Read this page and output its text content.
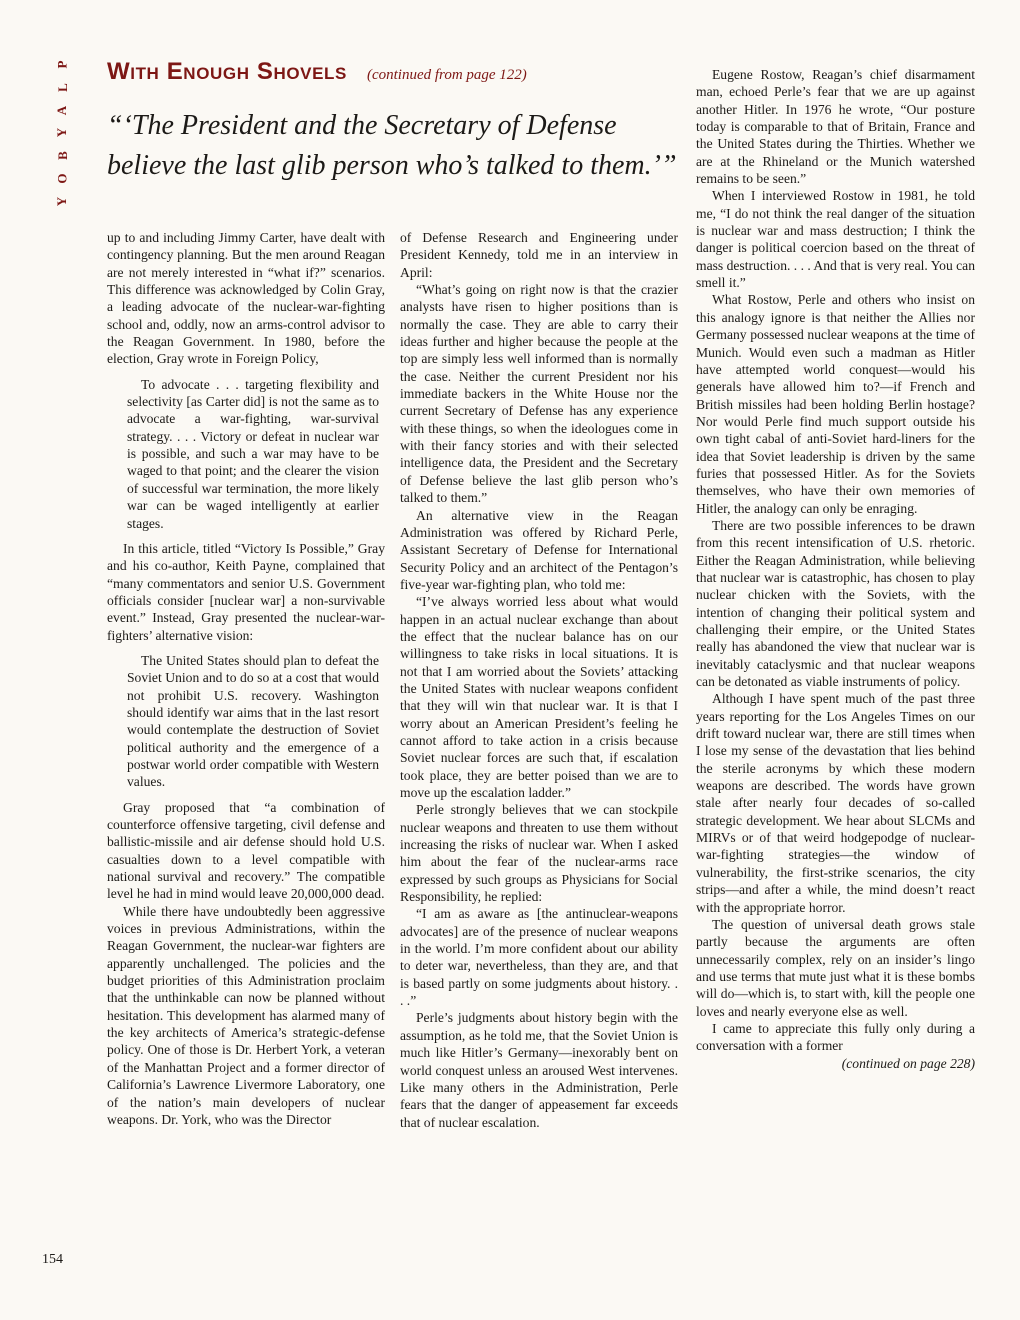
P
L
A
Y
B
O
Y
With Enough Shovels (continued from page 122)
“‘The President and the Secretary of Defense believe the last glib person who’s talked to them.’”

up to and including Jimmy Carter, have dealt with contingency planning. But the men around Reagan are not merely interested in “what if?” scenarios. This difference was acknowledged by Colin Gray, a leading advocate of the nuclear-war-fighting school and, oddly, now an arms-control advisor to the Reagan Government. In 1980, before the election, Gray wrote in Foreign Policy,

To advocate . . . targeting flexibility and selectivity [as Carter did] is not the same as to advocate a war-fighting, war-survival strategy. . . . Victory or defeat in nuclear war is possible, and such a war may have to be waged to that point; and the clearer the vision of successful war termination, the more likely war can be waged intelligently at earlier stages.

In this article, titled “Victory Is Possible,” Gray and his co-author, Keith Payne, complained that “many commentators and senior U.S. Government officials consider [nuclear war] a non-survivable event.” Instead, Gray presented the nuclear-war-fighters’ alternative vision:

The United States should plan to defeat the Soviet Union and to do so at a cost that would not prohibit U.S. recovery. Washington should identify war aims that in the last resort would contemplate the destruction of Soviet political authority and the emergence of a postwar world order compatible with Western values.

Gray proposed that “a combination of counterforce offensive targeting, civil defense and ballistic-missile and air defense should hold U.S. casualties down to a level compatible with national survival and recovery.” The compatible level he had in mind would leave 20,000,000 dead.

While there have undoubtedly been aggressive voices in previous Administrations, within the Reagan Government, the nuclear-war fighters are apparently unchallenged. The policies and the budget priorities of this Administration proclaim that the unthinkable can now be planned without hesitation. This development has alarmed many of the key architects of America’s strategic-defense policy. One of those is Dr. Herbert York, a veteran of the Manhattan Project and a former director of California’s Lawrence Livermore Laboratory, one of the nation’s main developers of nuclear weapons. Dr. York, who was the Director

of Defense Research and Engineering under President Kennedy, told me in an interview in April:

“What’s going on right now is that the crazier analysts have risen to higher positions than is normally the case. They are able to carry their ideas further and higher because the people at the top are simply less well informed than is normally the case. Neither the current President nor his immediate backers in the White House nor the current Secretary of Defense has any experience with these things, so when the ideologues come in with their fancy stories and with their selected intelligence data, the President and the Secretary of Defense believe the last glib person who’s talked to them.”

An alternative view in the Reagan Administration was offered by Richard Perle, Assistant Secretary of Defense for International Security Policy and an architect of the Pentagon’s five-year war-fighting plan, who told me:

“I’ve always worried less about what would happen in an actual nuclear exchange than about the effect that the nuclear balance has on our willingness to take risks in local situations. It is not that I am worried about the Soviets’ attacking the United States with nuclear weapons confident that they will win that nuclear war. It is that I worry about an American President’s feeling he cannot afford to take action in a crisis because Soviet nuclear forces are such that, if escalation took place, they are better poised than we are to move up the escalation ladder.”

Perle strongly believes that we can stockpile nuclear weapons and threaten to use them without increasing the risks of nuclear war. When I asked him about the fear of the nuclear-arms race expressed by such groups as Physicians for Social Responsibility, he replied:

“I am as aware as [the antinuclear-weapons advocates] are of the presence of nuclear weapons in the world. I’m more confident about our ability to deter war, nevertheless, than they are, and that is based partly on some judgments about history. . . .”

Perle’s judgments about history begin with the assumption, as he told me, that the Soviet Union is much like Hitler’s Germany—inexorably bent on world conquest unless an aroused West intervenes. Like many others in the Administration, Perle fears that the danger of appeasement far exceeds that of nuclear escalation.

Eugene Rostow, Reagan’s chief disarmament man, echoed Perle’s fear that we are up against another Hitler. In 1976 he wrote, “Our posture today is comparable to that of Britain, France and the United States during the Thirties. Whether we are at the Rhineland or the Munich watershed remains to be seen.”

When I interviewed Rostow in 1981, he told me, “I do not think the real danger of the situation is nuclear war and mass destruction; I think the danger is political coercion based on the threat of mass destruction. . . . And that is very real. You can smell it.”

What Rostow, Perle and others who insist on this analogy ignore is that neither the Allies nor Germany possessed nuclear weapons at the time of Munich. Would even such a madman as Hitler have attempted world conquest—would his generals have allowed him to?—if French and British missiles had been holding Berlin hostage? Nor would Perle find much support outside his own tight cabal of anti-Soviet hard-liners for the idea that Soviet leadership is driven by the same furies that possessed Hitler. As for the Soviets themselves, who have their own memories of Hitler, the analogy can only be enraging.

There are two possible inferences to be drawn from this recent intensification of U.S. rhetoric. Either the Reagan Administration, while believing that nuclear war is catastrophic, has chosen to play nuclear chicken with the Soviets, with the intention of changing their political system and challenging their empire, or the United States really has abandoned the view that nuclear war is inevitably cataclysmic and that nuclear weapons can be detonated as viable instruments of policy.

Although I have spent much of the past three years reporting for the Los Angeles Times on our drift toward nuclear war, there are still times when I lose my sense of the devastation that lies behind the sterile acronyms by which these modern weapons are described. The words have grown stale after nearly four decades of so-called strategic development. We hear about SLCMs and MIRVs or of that weird hodgepodge of nuclear-war-fighting strategies—the window of vulnerability, the first-strike scenarios, the city strips—and after a while, the mind doesn’t react with the appropriate horror.

The question of universal death grows stale partly because the arguments are often unnecessarily complex, rely on an insider’s lingo and use terms that mute just what it is these bombs will do—which is, to start with, kill the people one loves and nearly everyone else as well.

I came to appreciate this fully only during a conversation with a former

(continued on page 228)

154
